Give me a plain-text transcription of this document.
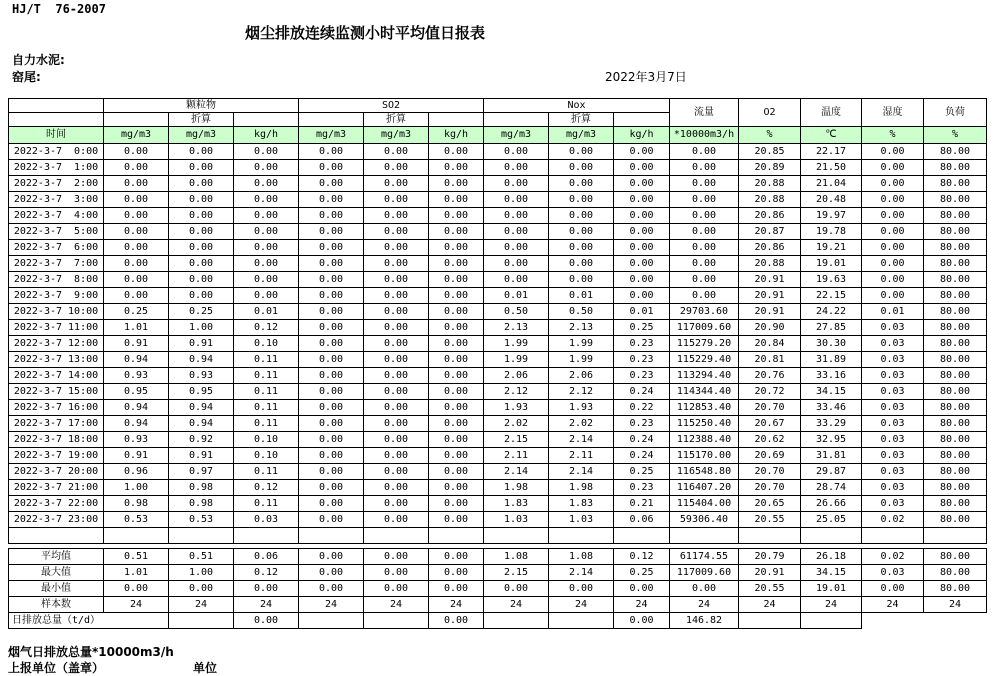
HJ/T  76-2007
烟尘排放连续监测小时平均值日报表
自力水泥:
窑尾:	2022年3月7日
	颗粒物			SO2			Nox			流量	O2	温度	湿度	负荷
		折算			折算			折算						
时间	mg/m3	mg/m3	kg/h	mg/m3	mg/m3	kg/h	mg/m3	mg/m3	kg/h	*10000m3/h	%	℃	%	%
2022-3-7  0:00	0.00	0.00	0.00	0.00	0.00	0.00	0.00	0.00	0.00	0.00	20.85	22.17	0.00	80.00
2022-3-7  1:00	0.00	0.00	0.00	0.00	0.00	0.00	0.00	0.00	0.00	0.00	20.89	21.50	0.00	80.00
2022-3-7  2:00	0.00	0.00	0.00	0.00	0.00	0.00	0.00	0.00	0.00	0.00	20.88	21.04	0.00	80.00
2022-3-7  3:00	0.00	0.00	0.00	0.00	0.00	0.00	0.00	0.00	0.00	0.00	20.88	20.48	0.00	80.00
2022-3-7  4:00	0.00	0.00	0.00	0.00	0.00	0.00	0.00	0.00	0.00	0.00	20.86	19.97	0.00	80.00
2022-3-7  5:00	0.00	0.00	0.00	0.00	0.00	0.00	0.00	0.00	0.00	0.00	20.87	19.78	0.00	80.00
2022-3-7  6:00	0.00	0.00	0.00	0.00	0.00	0.00	0.00	0.00	0.00	0.00	20.86	19.21	0.00	80.00
2022-3-7  7:00	0.00	0.00	0.00	0.00	0.00	0.00	0.00	0.00	0.00	0.00	20.88	19.01	0.00	80.00
2022-3-7  8:00	0.00	0.00	0.00	0.00	0.00	0.00	0.00	0.00	0.00	0.00	20.91	19.63	0.00	80.00
2022-3-7  9:00	0.00	0.00	0.00	0.00	0.00	0.00	0.01	0.01	0.00	0.00	20.91	22.15	0.00	80.00
2022-3-7 10:00	0.25	0.25	0.01	0.00	0.00	0.00	0.50	0.50	0.01	29703.60	20.91	24.22	0.01	80.00
2022-3-7 11:00	1.01	1.00	0.12	0.00	0.00	0.00	2.13	2.13	0.25	117009.60	20.90	27.85	0.03	80.00
2022-3-7 12:00	0.91	0.91	0.10	0.00	0.00	0.00	1.99	1.99	0.23	115279.20	20.84	30.30	0.03	80.00
2022-3-7 13:00	0.94	0.94	0.11	0.00	0.00	0.00	1.99	1.99	0.23	115229.40	20.81	31.89	0.03	80.00
2022-3-7 14:00	0.93	0.93	0.11	0.00	0.00	0.00	2.06	2.06	0.23	113294.40	20.76	33.16	0.03	80.00
2022-3-7 15:00	0.95	0.95	0.11	0.00	0.00	0.00	2.12	2.12	0.24	114344.40	20.72	34.15	0.03	80.00
2022-3-7 16:00	0.94	0.94	0.11	0.00	0.00	0.00	1.93	1.93	0.22	112853.40	20.70	33.46	0.03	80.00
2022-3-7 17:00	0.94	0.94	0.11	0.00	0.00	0.00	2.02	2.02	0.23	115250.40	20.67	33.29	0.03	80.00
2022-3-7 18:00	0.93	0.92	0.10	0.00	0.00	0.00	2.15	2.14	0.24	112388.40	20.62	32.95	0.03	80.00
2022-3-7 19:00	0.91	0.91	0.10	0.00	0.00	0.00	2.11	2.11	0.24	115170.00	20.69	31.81	0.03	80.00
2022-3-7 20:00	0.96	0.97	0.11	0.00	0.00	0.00	2.14	2.14	0.25	116548.80	20.70	29.87	0.03	80.00
2022-3-7 21:00	1.00	0.98	0.12	0.00	0.00	0.00	1.98	1.98	0.23	116407.20	20.70	28.74	0.03	80.00
2022-3-7 22:00	0.98	0.98	0.11	0.00	0.00	0.00	1.83	1.83	0.21	115404.00	20.65	26.66	0.03	80.00
2022-3-7 23:00	0.53	0.53	0.03	0.00	0.00	0.00	1.03	1.03	0.06	59306.40	20.55	25.05	0.02	80.00

平均值	0.51	0.51	0.06	0.00	0.00	0.00	1.08	1.08	0.12	61174.55	20.79	26.18	0.02	80.00
最大值	1.01	1.00	0.12	0.00	0.00	0.00	2.15	2.14	0.25	117009.60	20.91	34.15	0.03	80.00
最小值	0.00	0.00	0.00	0.00	0.00	0.00	0.00	0.00	0.00	0.00	20.55	19.01	0.00	80.00
样本数	24	24	24	24	24	24	24	24	24	24	24	24	24	24
日排放总量（t/d）			0.00			0.00			0.00	146.82				
烟气日排放总量*10000m3/h
上报单位（盖章）	单位
